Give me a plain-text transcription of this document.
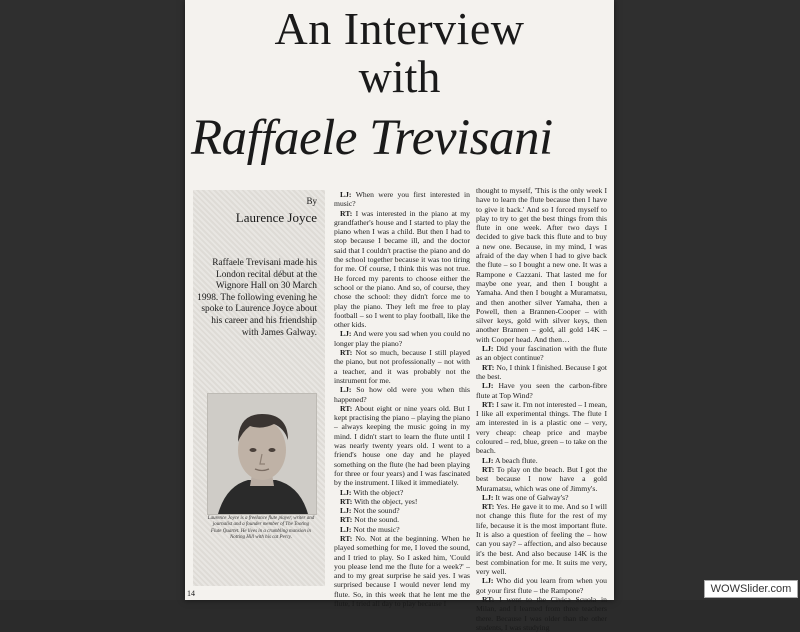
An Interview
with
Raffaele Trevisani
By
Laurence Joyce
Raffaele Trevisani made his London recital début at the Wignore Hall on 30 March 1998. The following evening he spoke to Laurence Joyce about his career and his friendship with James Galway.
Laurence Joyce is a freelance flute player, writer and journalist and a founder member of The Tooting Flute Quartet. He lives in a crumbling mansion in Notting Hill with his cat Percy.

LJ: When were you first interested in music?

RT: I was interested in the piano at my grandfather's house and I started to play the piano when I was a child. But then I had to stop because I became ill, and the doctor said that I couldn't practise the piano and do the school together because it was too tiring for me. Of course, I think this was not true. He forced my parents to choose either the school or the piano. And so, of course, they chose the school: they didn't force me to play the piano. They left me free to play football – so I went to play football, like the other kids.

LJ: And were you sad when you could no longer play the piano?

RT: Not so much, because I still played the piano, but not professionally – not with a teacher, and it was probably not the instrument for me.

LJ: So how old were you when this happened?

RT: About eight or nine years old. But I kept practising the piano – playing the piano – always keeping the music going in my mind. I didn't start to learn the flute until I was nearly twenty years old. I went to a friend's house one day and he played something on the flute (he had been playing for three or four years) and I was fascinated by the instrument. I liked it immediately.

LJ: With the object?

RT: With the object, yes!

LJ: Not the sound?

RT: Not the sound.

LJ: Not the music?

RT: No. Not at the beginning. When he played something for me, I loved the sound, and I tried to play. So I asked him, 'Could you please lend me the flute for a week?' – and to my great surprise he said yes. I was surprised because I would never lend my flute. So, in this week that he lent me the flute, I tried all day to play because I

thought to myself, 'This is the only week I have to learn the flute because then I have to give it back.' And so I forced myself to play to try to get the best things from this flute in one week. After two days I decided to give back this flute and to buy a new one. Because, in my mind, I was afraid of the day when I had to give back the flute – so I bought a new one. It was a Rampone e Cazzani. That lasted me for maybe one year, and then I bought a Yamaha. And then I bought a Muramatsu, and then another silver Yamaha, then a Powell, then a Brannen-Cooper – with silver keys, gold with silver keys, then another Brannen – gold, all gold 14K – with Cooper head. And then…

LJ: Did your fascination with the flute as an object continue?

RT: No, I think I finished. Because I got the best.

LJ: Have you seen the carbon-fibre flute at Top Wind?

RT: I saw it. I'm not interested – I mean, I like all experimental things. The flute I am interested in is a plastic one – very, very cheap: cheap price and maybe coloured – red, blue, green – to take on the beach.

LJ: A beach flute.

RT: To play on the beach. But I got the best because I now have a gold Muramatsu, which was one of Jimmy's.

LJ: It was one of Galway's?

RT: Yes. He gave it to me. And so I will not change this flute for the rest of my life, because it is the most important flute. It is also a question of feeling the – how can you say? – affection, and also because it's the best. And also because 14K is the best combination for me. It suits me very, very well.

LJ: Who did you learn from when you got your first flute – the Rampone?

RT: I went to the Civica Scuola in Milan, and I learned from three teachers there. Because I was older than the other students, I was studying

14	WOWSlider.com
